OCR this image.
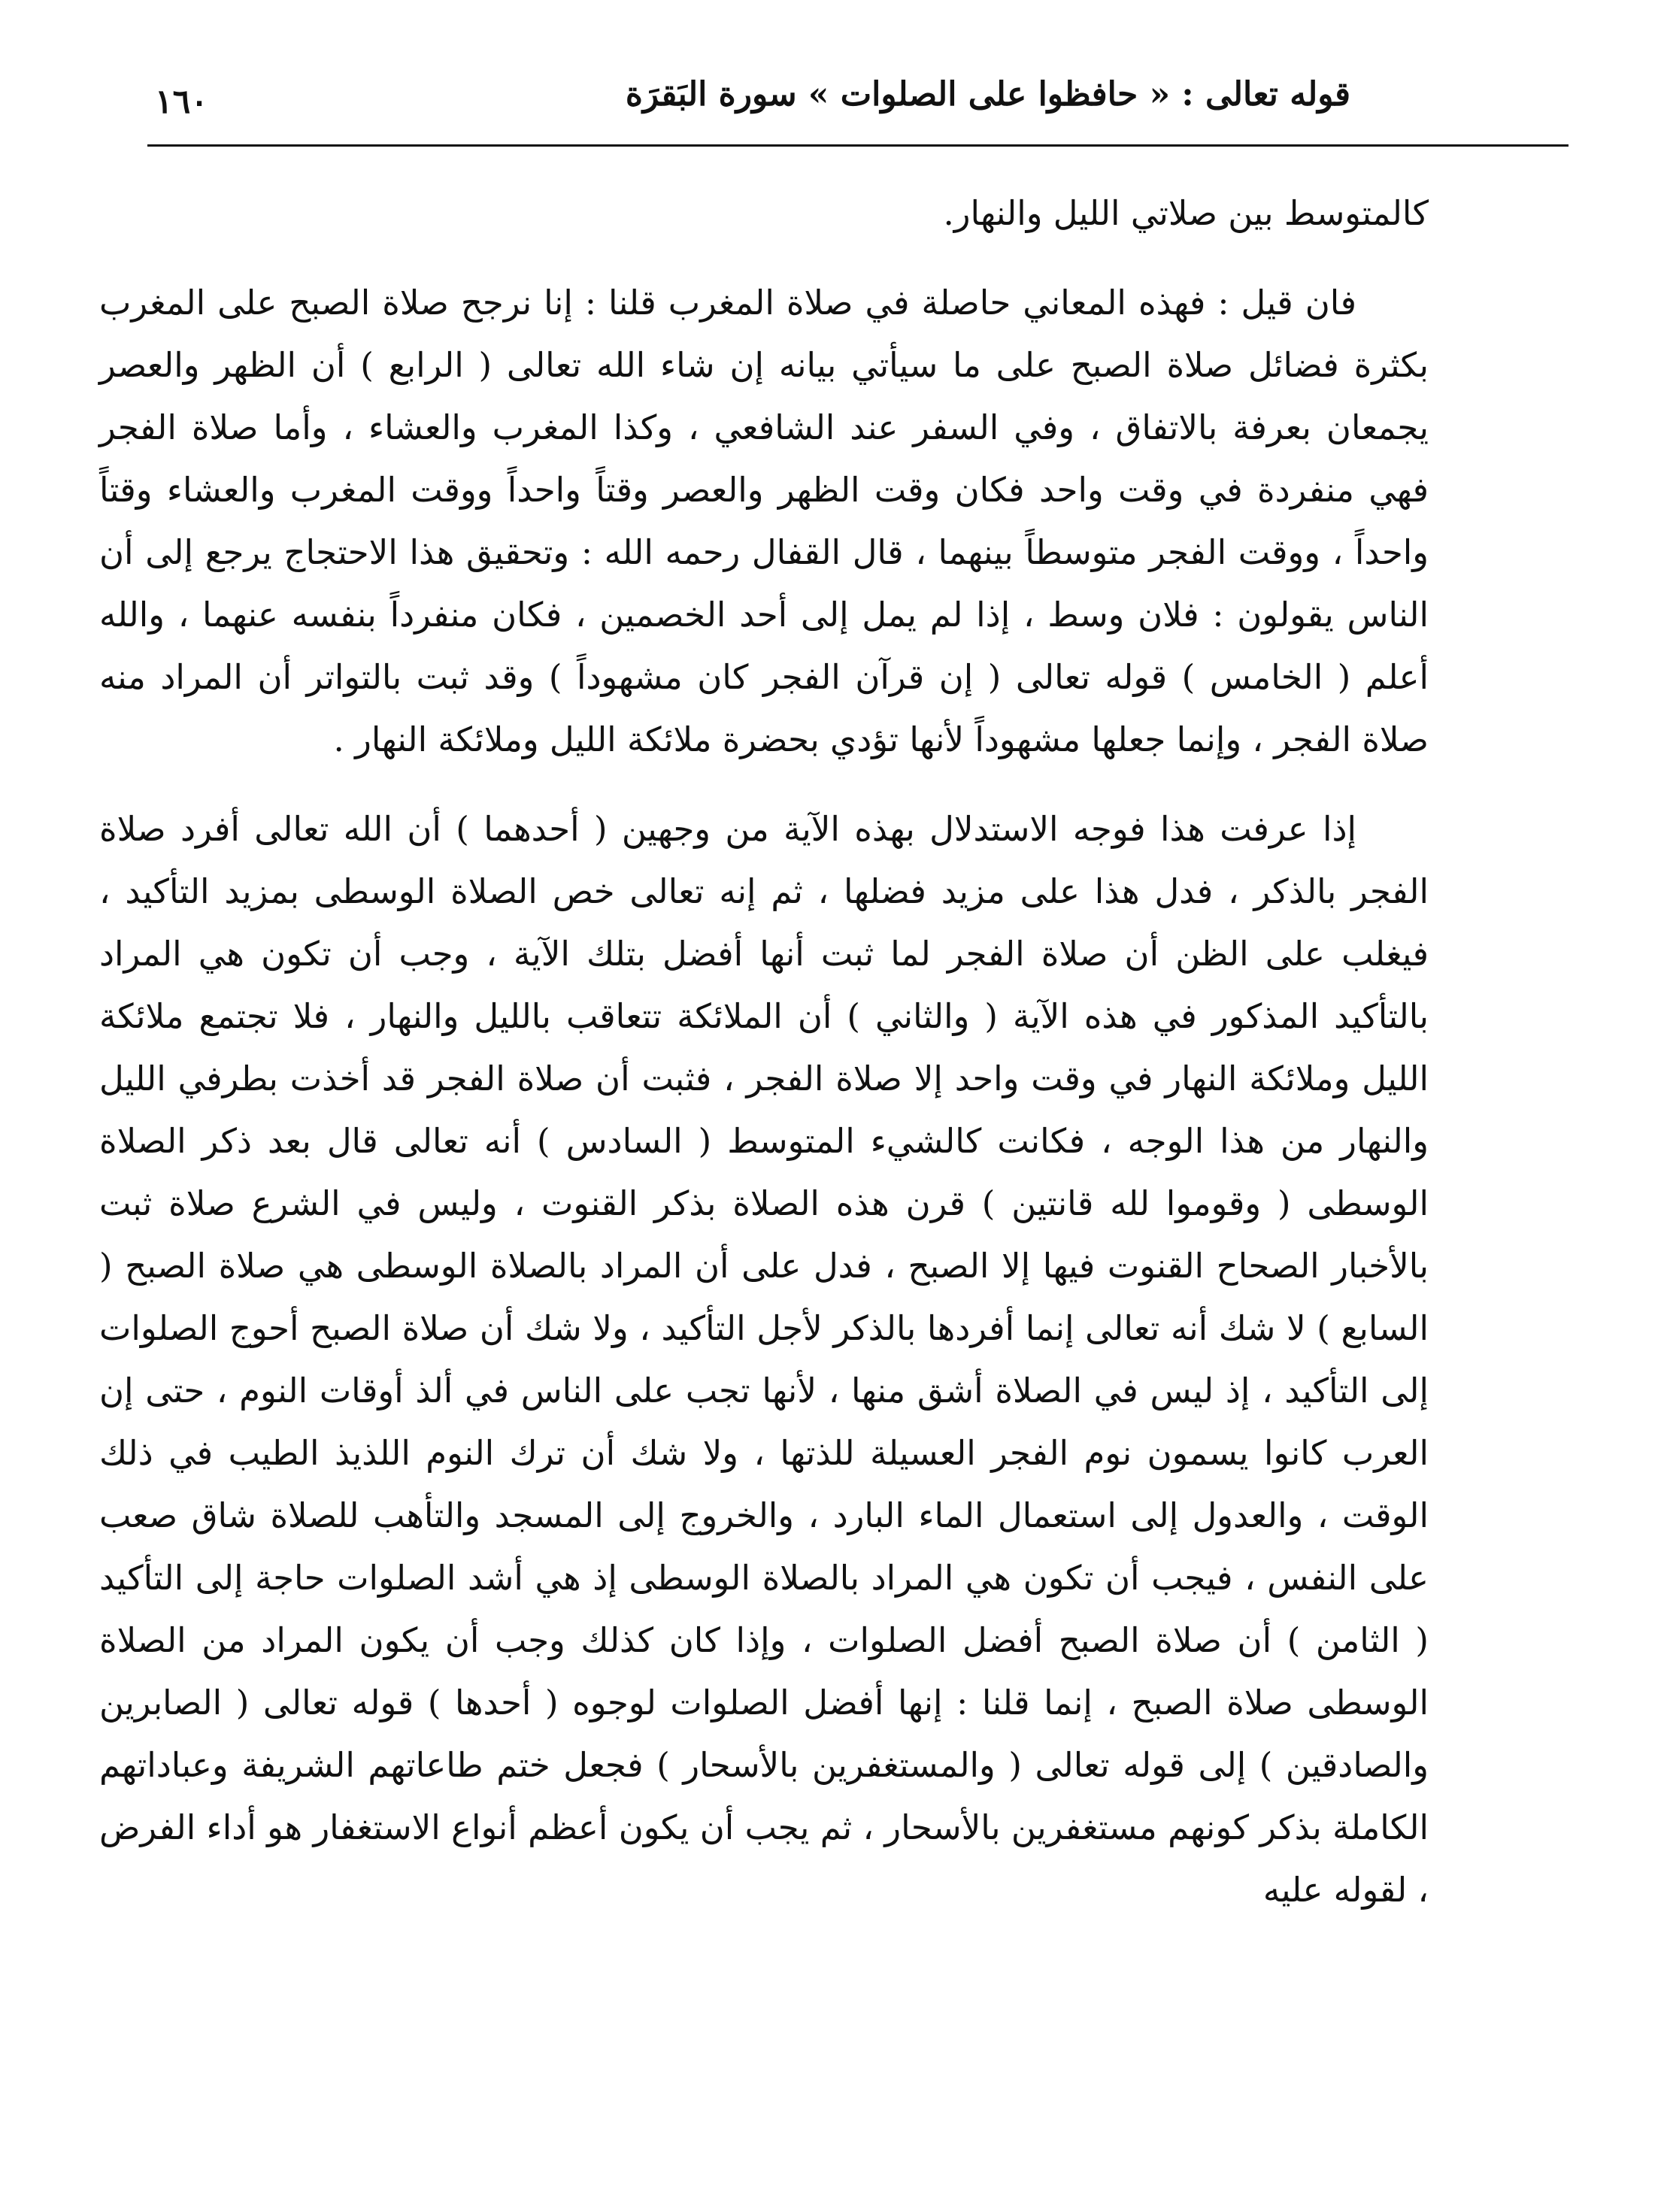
قوله تعالى : « حافظوا على الصلوات » سورة البَقرَة
١٦٠

كالمتوسط بين صلاتي الليل والنهار.

فان قيل : فهذه المعاني حاصلة في صلاة المغرب قلنا : إنا نرجح صلاة الصبح على المغرب بكثرة فضائل صلاة الصبح على ما سيأتي بيانه إن شاء الله تعالى ( الرابع ) أن الظهر والعصر يجمعان بعرفة بالاتفاق ، وفي السفر عند الشافعي ، وكذا المغرب والعشاء ، وأما صلاة الفجر فهي منفردة في وقت واحد فكان وقت الظهر والعصر وقتاً واحداً ووقت المغرب والعشاء وقتاً واحداً ، ووقت الفجر متوسطاً بينهما ، قال القفال رحمه الله : وتحقيق هذا الاحتجاج يرجع إلى أن الناس يقولون : فلان وسط ، إذا لم يمل إلى أحد الخصمين ، فكان منفرداً بنفسه عنهما ، والله أعلم ( الخامس ) قوله تعالى ( إن قرآن الفجر كان مشهوداً ) وقد ثبت بالتواتر أن المراد منه صلاة الفجر ، وإنما جعلها مشهوداً لأنها تؤدي بحضرة ملائكة الليل وملائكة النهار .

إذا عرفت هذا فوجه الاستدلال بهذه الآية من وجهين ( أحدهما ) أن الله تعالى أفرد صلاة الفجر بالذكر ، فدل هذا على مزيد فضلها ، ثم إنه تعالى خص الصلاة الوسطى بمزيد التأكيد ، فيغلب على الظن أن صلاة الفجر لما ثبت أنها أفضل بتلك الآية ، وجب أن تكون هي المراد بالتأكيد المذكور في هذه الآية ( والثاني ) أن الملائكة تتعاقب بالليل والنهار ، فلا تجتمع ملائكة الليل وملائكة النهار في وقت واحد إلا صلاة الفجر ، فثبت أن صلاة الفجر قد أخذت بطرفي الليل والنهار من هذا الوجه ، فكانت كالشيء المتوسط ( السادس ) أنه تعالى قال بعد ذكر الصلاة الوسطى ( وقوموا لله قانتين ) قرن هذه الصلاة بذكر القنوت ، وليس في الشرع صلاة ثبت بالأخبار الصحاح القنوت فيها إلا الصبح ، فدل على أن المراد بالصلاة الوسطى هي صلاة الصبح ( السابع ) لا شك أنه تعالى إنما أفردها بالذكر لأجل التأكيد ، ولا شك أن صلاة الصبح أحوج الصلوات إلى التأكيد ، إذ ليس في الصلاة أشق منها ، لأنها تجب على الناس في ألذ أوقات النوم ، حتى إن العرب كانوا يسمون نوم الفجر العسيلة للذتها ، ولا شك أن ترك النوم اللذيذ الطيب في ذلك الوقت ، والعدول إلى استعمال الماء البارد ، والخروج إلى المسجد والتأهب للصلاة شاق صعب على النفس ، فيجب أن تكون هي المراد بالصلاة الوسطى إذ هي أشد الصلوات حاجة إلى التأكيد ( الثامن ) أن صلاة الصبح أفضل الصلوات ، وإذا كان كذلك وجب أن يكون المراد من الصلاة الوسطى صلاة الصبح ، إنما قلنا : إنها أفضل الصلوات لوجوه ( أحدها ) قوله تعالى ( الصابرين والصادقين ) إلى قوله تعالى ( والمستغفرين بالأسحار ) فجعل ختم طاعاتهم الشريفة وعباداتهم الكاملة بذكر كونهم مستغفرين بالأسحار ، ثم يجب أن يكون أعظم أنواع الاستغفار هو أداء الفرض ، لقوله عليه
